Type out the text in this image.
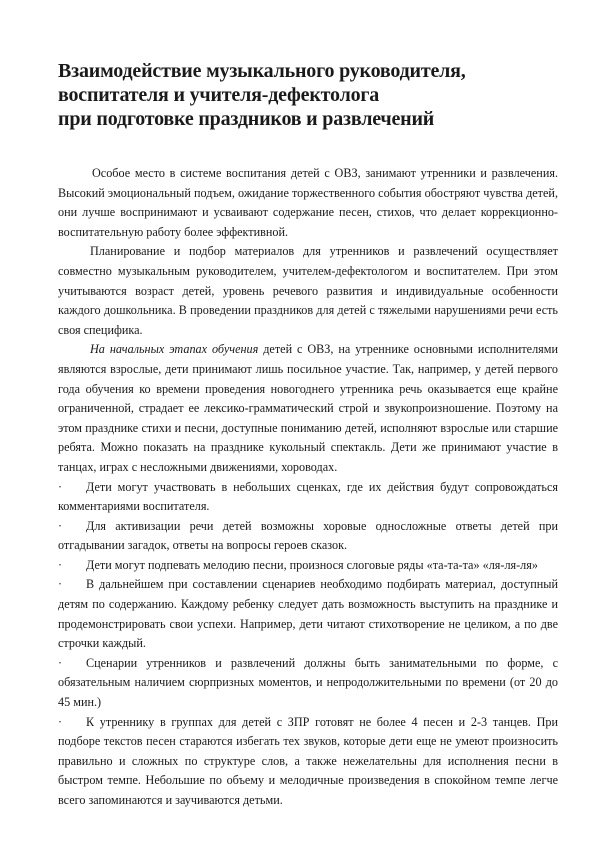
Взаимодействие музыкального руководителя,
воспитателя и учителя-дефектолога
при подготовке праздников и развлечений

Особое место в системе воспитания детей с ОВЗ, занимают утренники и развлечения. Высокий эмоциональный подъем, ожидание торжественного события обостряют чувства детей, они лучше воспринимают и усваивают содержание песен, стихов, что делает коррекционно-воспитательную работу более эффективной.

Планирование и подбор материалов для утренников и развлечений осуществляет совместно музыкальным руководителем, учителем-дефектологом и воспитателем. При этом учитываются возраст детей, уровень речевого развития и индивидуальные особенности каждого дошкольника. В проведении праздников для детей с тяжелыми нарушениями речи есть своя специфика.

На начальных этапах обучения детей с ОВЗ, на утреннике основными исполнителями являются взрослые, дети принимают лишь посильное участие. Так, например, у детей первого года обучения ко времени проведения новогоднего утренника речь оказывается еще крайне ограниченной, страдает ее лексико-грамматический строй и звукопроизношение. Поэтому на этом празднике стихи и песни, доступные пониманию детей, исполняют взрослые или старшие ребята. Можно показать на празднике кукольный спектакль. Дети же принимают участие в танцах, играх с несложными движениями, хороводах.

· Дети могут участвовать в небольших сценках, где их действия будут сопровождаться комментариями воспитателя.

· Для активизации речи детей возможны хоровые односложные ответы детей при отгадывании загадок, ответы на вопросы героев сказок.

· Дети могут подпевать мелодию песни, произнося слоговые ряды «та-та-та» «ля-ля-ля»

· В дальнейшем при составлении сценариев необходимо подбирать материал, доступный детям по содержанию. Каждому ребенку следует дать возможность выступить на празднике и продемонстрировать свои успехи. Например, дети читают стихотворение не целиком, а по две строчки каждый.

· Сценарии утренников и развлечений должны быть занимательными по форме, с обязательным наличием сюрпризных моментов, и непродолжительными по времени (от 20 до 45 мин.)

· К утреннику в группах для детей с ЗПР готовят не более 4 песен и 2-3 танцев. При подборе текстов песен стараются избегать тех звуков, которые дети еще не умеют произносить правильно и сложных по структуре слов, а также нежелательны для исполнения песни в быстром темпе. Небольшие по объему и мелодичные произведения в спокойном темпе легче всего запоминаются и заучиваются детьми.
